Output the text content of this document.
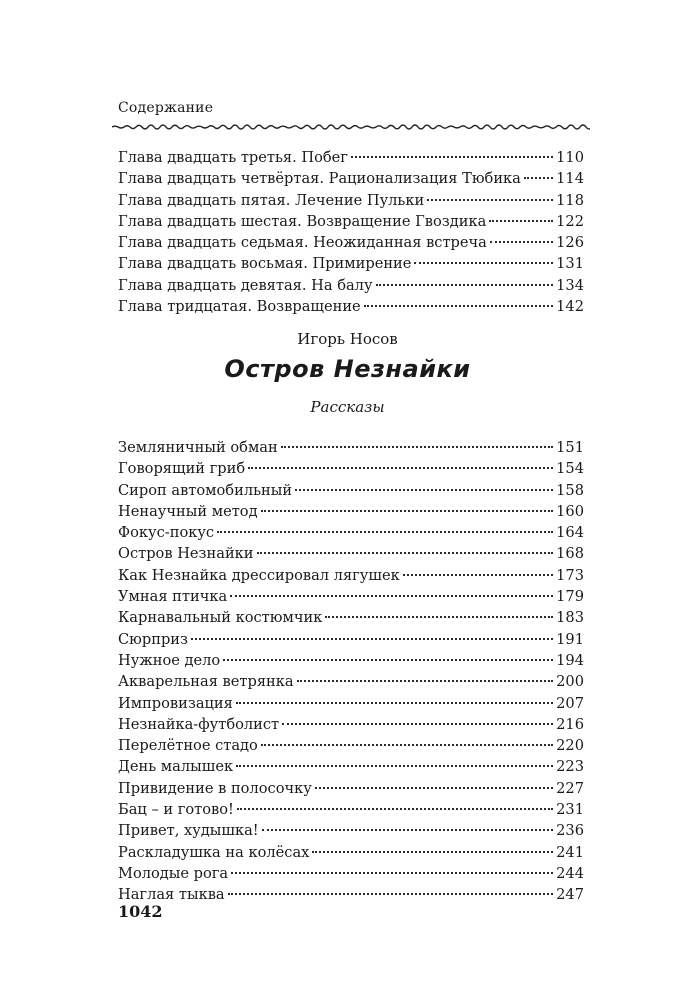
Содержание
Глава двадцать третья. Побег	110
Глава двадцать четвёртая. Рационализация Тюбика 114
Глава двадцать пятая. Лечение Пульки	118
Глава двадцать шестая. Возвращение Гвоздика	122
Глава двадцать седьмая. Неожиданная встреча	126
Глава двадцать восьмая. Примирение	131
Глава двадцать девятая. На балу	134
Глава тридцатая. Возвращение	142
Игорь Носов
Остров Незнайки
Рассказы
Земляничный обман	151
Говорящий гриб	154
Сироп автомобильный	158
Ненаучный метод	160
Фокус-покус	164
Остров Незнайки	168
Как Незнайка дрессировал лягушек	173
Умная птичка	179
Карнавальный костюмчик	183
Сюрприз	191
Нужное дело	194
Акварельная ветрянка	200
Импровизация	207
Незнайка-футболист	216
Перелётное стадо	220
День малышек	223
Привидение в полосочку	227
Бац – и готово!	231
Привет, худышка!	236
Раскладушка на колёсах	241
Молодые рога	244
Наглая тыква	247
1042
